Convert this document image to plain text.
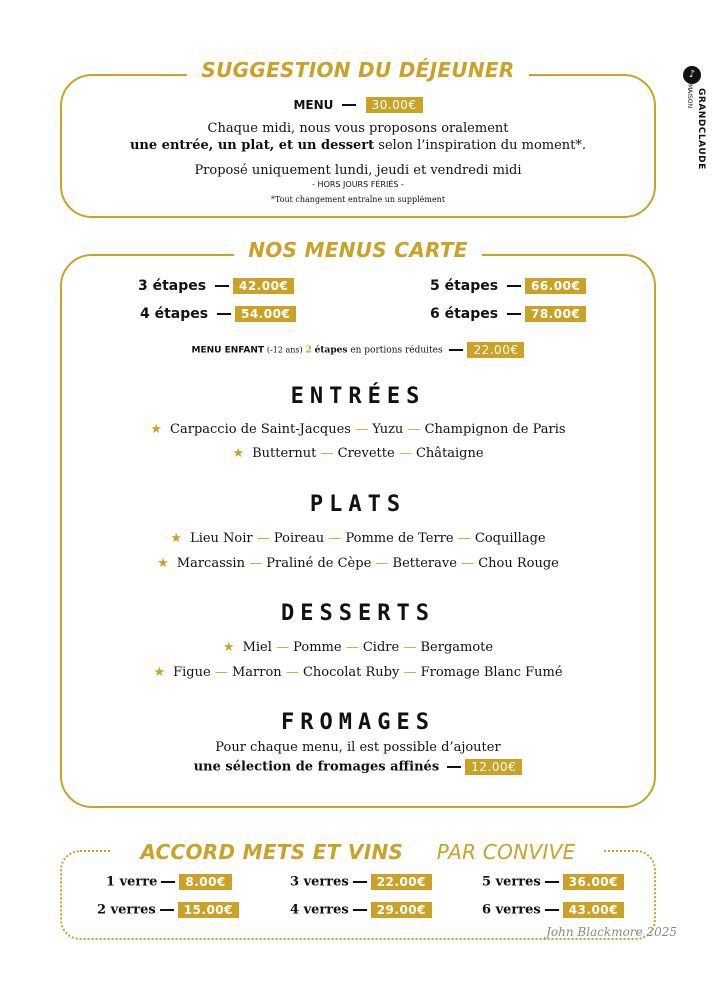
♪
MAISON GRANDCLAUDE
SUGGESTION DU DÉJEUNER
MENU	30.00€

Chaque midi, nous vous proposons oralement

une entrée, un plat, et un dessert selon l’inspiration du moment*.

Proposé uniquement lundi, jeudi et vendredi midi

- HORS JOURS FÉRIÉS -

*Tout changement entraîne un supplément

NOS MENUS CARTE
3 étapes	42.00€
4 étapes	54.00€
5 étapes	66.00€
6 étapes	78.00€
MENU ENFANT (-12 ans) 2 étapes en portions réduites	22.00€
ENTRÉES
★ Carpaccio de Saint-Jacques — Yuzu — Champignon de Paris
★ Butternut — Crevette — Châtaigne
PLATS
★ Lieu Noir — Poireau — Pomme de Terre — Coquillage
★ Marcassin — Praliné de Cèpe — Betterave — Chou Rouge
DESSERTS
★ Miel — Pomme — Cidre — Bergamote
★ Figue — Marron — Chocolat Ruby — Fromage Blanc Fumé
FROMAGES
Pour chaque menu, il est possible d’ajouter
une sélection de fromages affinés	12.00€
ACCORD METS ET VINS PAR CONVIVE
1 verre 8.00€
2 verres 15.00€
3 verres 22.00€
4 verres 29.00€
5 verres 36.00€
6 verres 43.00€
John Blackmore 2025
